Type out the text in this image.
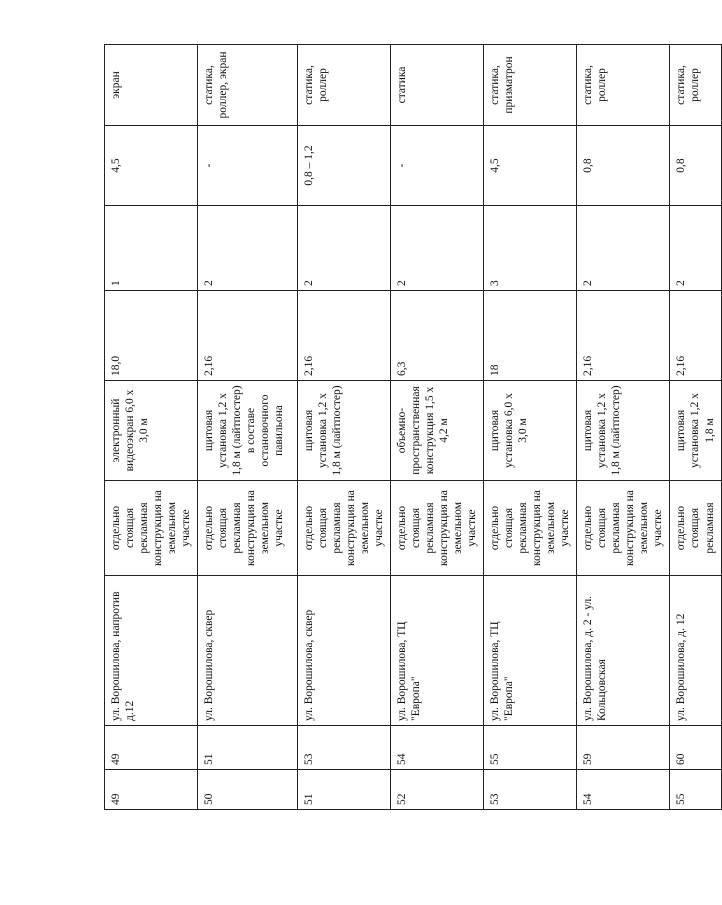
49	49	ул. Ворошилова, напротив д.12	отдельно стоящая рекламная конструкция на земельном участке	электронный видеоэкран 6,0 x 3,0 м	18,0	1	4,5	экран
50	51	ул. Ворошилова, сквер	отдельно стоящая рекламная конструкция на земельном участке	щитовая установка 1,2 x 1,8 м (лайтпостер) в составе остановочного павильона	2,16	2	-	статика, роллер, экран
51	53	ул. Ворошилова, сквер	отдельно стоящая рекламная конструкция на земельном участке	щитовая установка 1,2 x 1,8 м (лайтпостер)	2,16	2	0,8 – 1,2	статика, роллер
52	54	ул. Ворошилова, ТЦ "Европа"	отдельно стоящая рекламная конструкция на земельном участке	объемно-пространственная конструкция 1,5 x 4,2 м	6,3	2	-	статика
53	55	ул. Ворошилова, ТЦ "Европа"	отдельно стоящая рекламная конструкция на земельном участке	щитовая установка 6,0 x 3,0 м	18	3	4,5	статика, призматрон
54	59	ул. Ворошилова, д. 2 - ул. Кольцовская	отдельно стоящая рекламная конструкция на земельном участке	щитовая установка 1,2 x 1,8 м (лайтпостер)	2,16	2	0,8	статика, роллер
55	60	ул. Ворошилова, д. 12	отдельно стоящая рекламная	щитовая установка 1,2 x 1,8 м	2,16	2	0,8	статика, роллер
